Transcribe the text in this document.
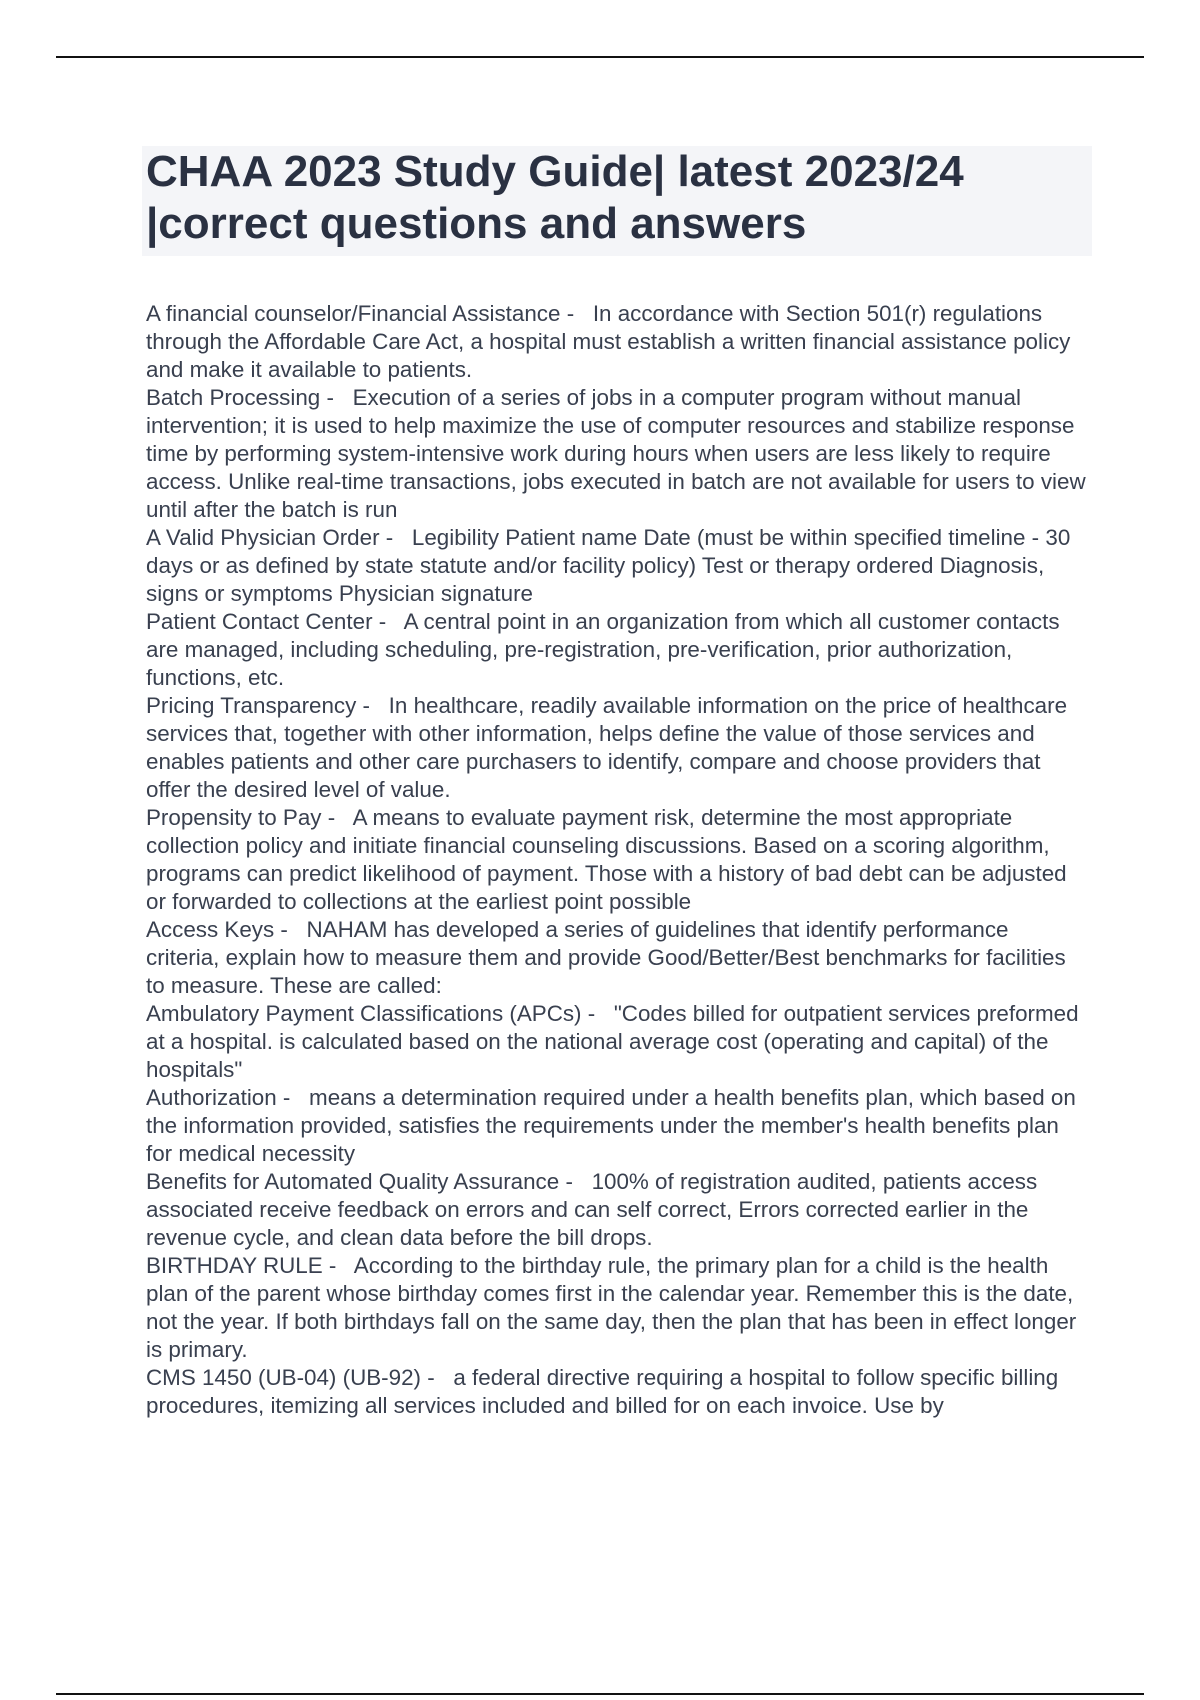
CHAA 2023 Study Guide| latest 2023/24 |correct questions and answers

A financial counselor/Financial Assistance -   In accordance with Section 501(r) regulations through the Affordable Care Act, a hospital must establish a written financial assistance policy and make it available to patients.

Batch Processing -   Execution of a series of jobs in a computer program without manual intervention; it is used to help maximize the use of computer resources and stabilize response time by performing system-intensive work during hours when users are less likely to require access. Unlike real-time transactions, jobs executed in batch are not available for users to view until after the batch is run

A Valid Physician Order -   Legibility Patient name Date (must be within specified timeline - 30 days or as defined by state statute and/or facility policy) Test or therapy ordered Diagnosis, signs or symptoms Physician signature

Patient Contact Center -   A central point in an organization from which all customer contacts are managed, including scheduling, pre-registration, pre-verification, prior authorization, functions, etc.

Pricing Transparency -   In healthcare, readily available information on the price of healthcare services that, together with other information, helps define the value of those services and enables patients and other care purchasers to identify, compare and choose providers that offer the desired level of value.

Propensity to Pay -   A means to evaluate payment risk, determine the most appropriate collection policy and initiate financial counseling discussions. Based on a scoring algorithm, programs can predict likelihood of payment. Those with a history of bad debt can be adjusted or forwarded to collections at the earliest point possible

Access Keys -   NAHAM has developed a series of guidelines that identify performance criteria, explain how to measure them and provide Good/Better/Best benchmarks for facilities to measure. These are called:

Ambulatory Payment Classifications (APCs) -   "Codes billed for outpatient services preformed at a hospital. is calculated based on the national average cost (operating and capital) of the hospitals"

Authorization -   means a determination required under a health benefits plan, which based on the information provided, satisfies the requirements under the member's health benefits plan for medical necessity

Benefits for Automated Quality Assurance -   100% of registration audited, patients access associated receive feedback on errors and can self correct, Errors corrected earlier in the revenue cycle, and clean data before the bill drops.

BIRTHDAY RULE -   According to the birthday rule, the primary plan for a child is the health plan of the parent whose birthday comes first in the calendar year. Remember this is the date, not the year. If both birthdays fall on the same day, then the plan that has been in effect longer is primary.

CMS 1450 (UB-04) (UB-92) -   a federal directive requiring a hospital to follow specific billing procedures, itemizing all services included and billed for on each invoice. Use by
